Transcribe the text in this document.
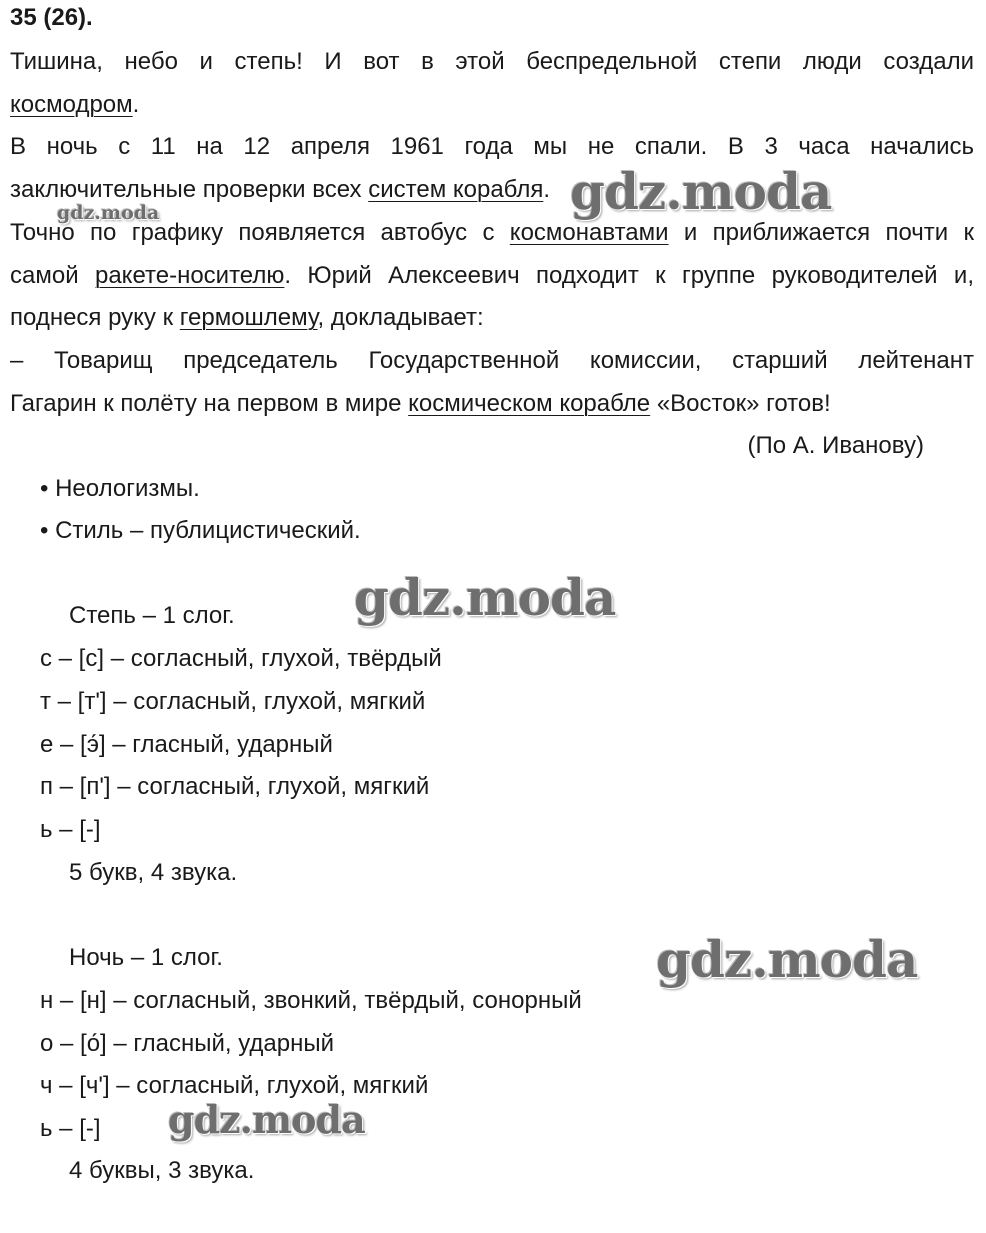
35 (26).
Тишина, небо и степь! И вот в этой беспредельной степи люди создали
космодром.
В ночь с 11 на 12 апреля 1961 года мы не спали. В 3 часа начались
заключительные проверки всех систем корабля.
Точно по графику появляется автобус с космонавтами и приближается почти к
самой ракете-носителю. Юрий Алексеевич подходит к группе руководителей и,
поднеся руку к гермошлему, докладывает:
– Товарищ председатель Государственной комиссии, старший лейтенант
Гагарин к полёту на первом в мире космическом корабле «Восток» готов!
(По А. Иванову)
• Неологизмы.
• Стиль – публицистический.
Степь – 1 слог.
с – [с] – согласный, глухой, твёрдый
т – [т'] – согласный, глухой, мягкий
е – [э́] – гласный, ударный
п – [п'] – согласный, глухой, мягкий
ь – [-]
5 букв, 4 звука.
Ночь – 1 слог.
н – [н] – согласный, звонкий, твёрдый, сонорный
о – [о́] – гласный, ударный
ч – [ч'] – согласный, глухой, мягкий
ь – [-]
4 буквы, 3 звука.
gdz.moda
gdz.moda
gdz.moda
gdz.moda
gdz.moda
